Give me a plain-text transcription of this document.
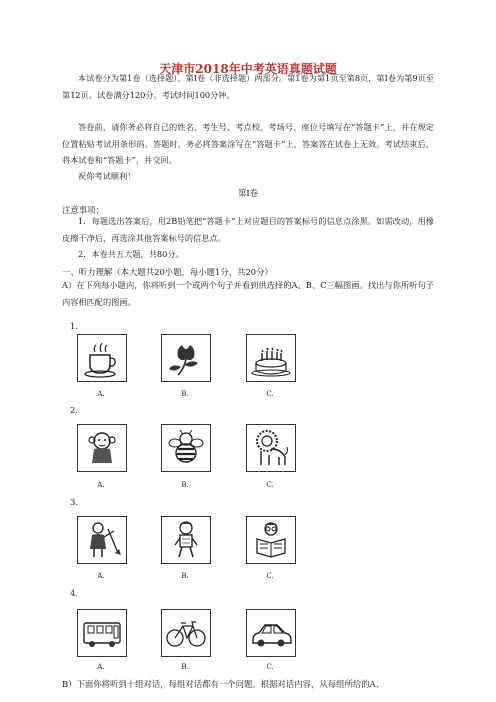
天津市2018年中考英语真题试题

本试卷分为第1卷（选择题）、第Ⅰ卷（非选择题）两部分。第1卷为第1页至第8页，第Ⅰ卷为第9页至第12页。试卷满分120分。考试时间100分钟。

答卷前，请你务必将自己的姓名、考生号、考点校、考场号、座位号填写在“答题卡”上，并在规定位置粘贴考试用条形码。答题时，务必将答案涂写在“答题卡”上，答案答在试卷上无效。考试结束后，将本试卷和“答题卡”，并交回。

祝你考试顺利！

第Ⅰ卷
注意事项：

1．每题选出答案后，用2B铅笔把“答题卡”上对应题目的答案标号的信息点涂黑。如需改动，用橡皮擦干净后，再选涂其他答案标号的信息点。

2．本卷共五大题，共80分。

一、听力理解（本大题共20小题，每小题1分，共20分）

A）在下列每小题内，你将听到一个或两个句子并看到供选择的A、B、C三幅图画。找出与你所听句子内容相匹配的图画。

1.
A.	B.	C.
2.
A.	B.	C.
3.
A.	B.	C.
4.
A.	B.	C.
B）下面你将听到十组对话，每组对话都有一个问题。根据对话内容，从每组所给的A、
